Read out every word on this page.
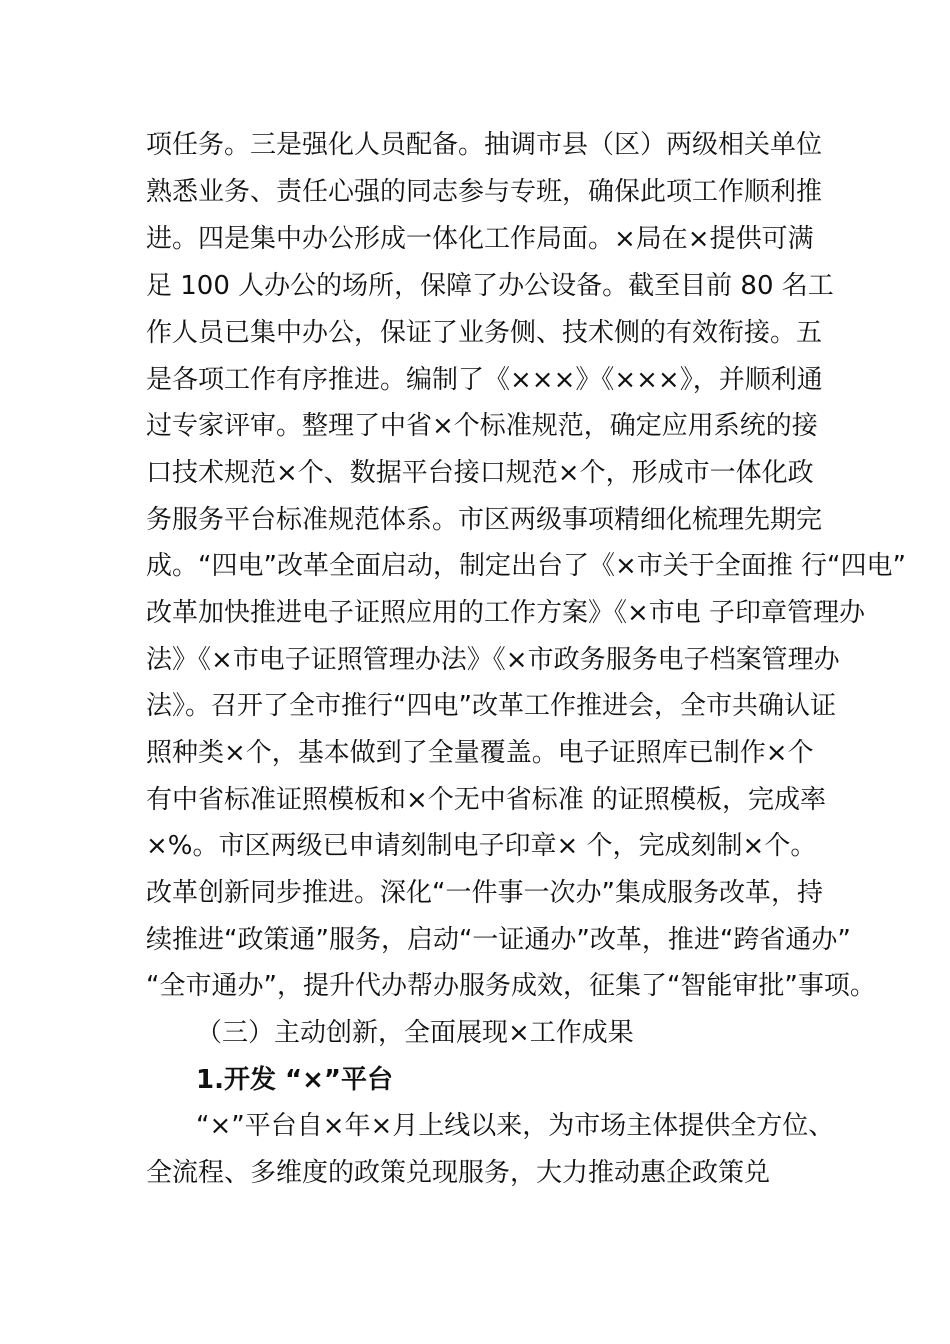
项任务。三是强化人员配备。抽调市县（区）两级相关单位
熟悉业务、责任心强的同志参与专班，确保此项工作顺利推
进。四是集中办公形成一体化工作局面。×局在×提供可满
足 100 人办公的场所，保障了办公设备。截至目前 80 名工
作人员已集中办公，保证了业务侧、技术侧的有效衔接。五
是各项工作有序推进。编制了《×××》《×××》，并顺利通
过专家评审。整理了中省×个标准规范，确定应用系统的接
口技术规范×个、数据平台接口规范×个，形成市一体化政
务服务平台标准规范体系。市区两级事项精细化梳理先期完
成。“四电”改革全面启动，制定出台了《×市关于全面推 行“四电”
改革加快推进电子证照应用的工作方案》《×市电 子印章管理办
法》《×市电子证照管理办法》《×市政务服务电子档案管理办
法》。召开了全市推行“四电”改革工作推进会，全市共确认证
照种类×个，基本做到了全量覆盖。电子证照库已制作×个
有中省标准证照模板和×个无中省标准 的证照模板，完成率
×%。市区两级已申请刻制电子印章× 个，完成刻制×个。
改革创新同步推进。深化“一件事一次办”集成服务改革，持
续推进“政策通”服务，启动“一证通办”改革，推进“跨省通办”
“全市通办”，提升代办帮办服务成效，征集了“智能审批”事项。
（三）主动创新，全面展现×工作成果
1.开发 “×”平台
“×”平台自×年×月上线以来，为市场主体提供全方位、
全流程、多维度的政策兑现服务，大力推动惠企政策兑
